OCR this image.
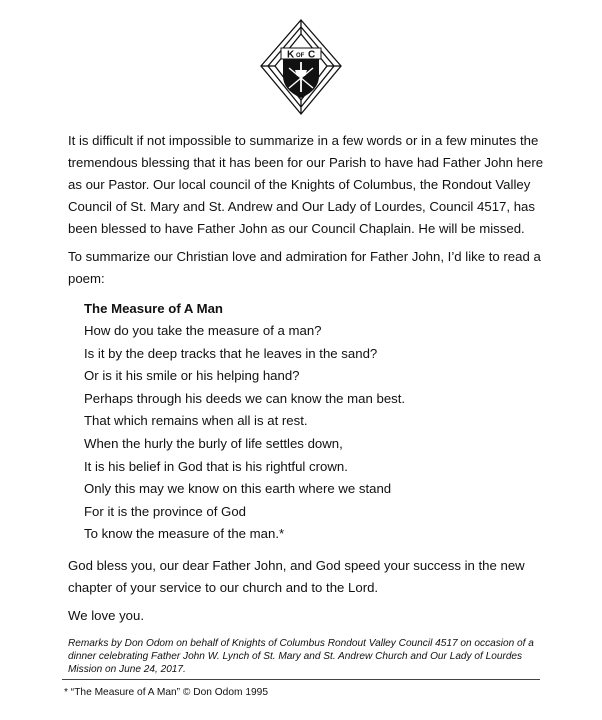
K OF C

It is difficult if not impossible to summarize in a few words or in a few minutes the tremendous blessing that it has been for our Parish to have had Father John here as our Pastor. Our local council of the Knights of Columbus, the Rondout Valley Council of St. Mary and St. Andrew and Our Lady of Lourdes, Council 4517, has been blessed to have Father John as our Council Chaplain. He will be missed.

To summarize our Christian love and admiration for Father John, I’d like to read a poem:

The Measure of A Man

How do you take the measure of a man?

Is it by the deep tracks that he leaves in the sand?

Or is it his smile or his helping hand?

Perhaps through his deeds we can know the man best.

That which remains when all is at rest.

When the hurly the burly of life settles down,

It is his belief in God that is his rightful crown.

Only this may we know on this earth where we stand

For it is the province of God

To know the measure of the man.*

God bless you, our dear Father John, and God speed your success in the new chapter of your service to our church and to the Lord.

We love you.

Remarks by Don Odom on behalf of Knights of Columbus Rondout Valley Council 4517 on occasion of a dinner celebrating Father John W. Lynch of St. Mary and St. Andrew Church and Our Lady of Lourdes Mission on June 24, 2017.

* “The Measure of A Man” © Don Odom 1995
